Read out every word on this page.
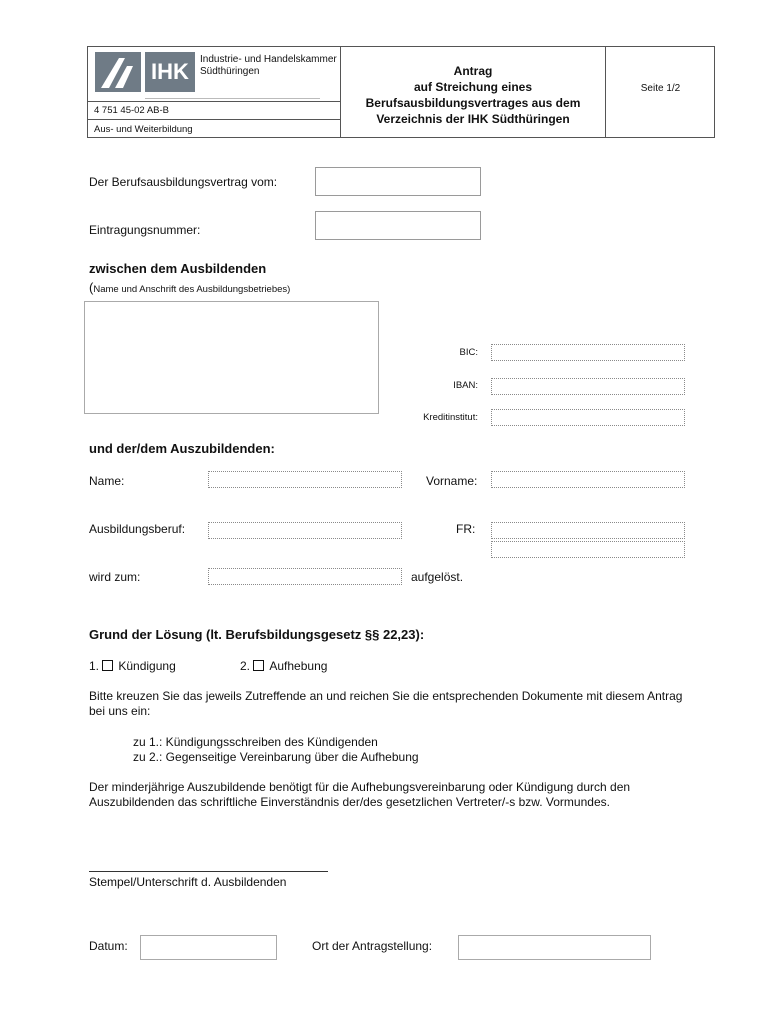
IHK	Industrie- und Handelskammer
Südthüringen
4 751 45-02 AB-B
Aus- und Weiterbildung
Antrag
auf Streichung eines
Berufsausbildungsvertrages aus dem
Verzeichnis der IHK Südthüringen
Seite 1/2
Der Berufsausbildungsvertrag vom:
Eintragungsnummer:
zwischen dem Ausbildenden
(Name und Anschrift des Ausbildungsbetriebes)
BIC:
IBAN:
Kreditinstitut:
und der/dem Auszubildenden:
Name:	Vorname:
Ausbildungsberuf:	FR:
wird zum:	aufgelöst.
Grund der Lösung (lt. Berufsbildungsgesetz §§ 22,23):
1. Kündigung	2. Aufhebung
Bitte kreuzen Sie das jeweils Zutreffende an und reichen Sie die entsprechenden Dokumente mit diesem Antrag bei uns ein:
zu 1.: Kündigungsschreiben des Kündigenden
zu 2.: Gegenseitige Vereinbarung über die Aufhebung
Der minderjährige Auszubildende benötigt für die Aufhebungsvereinbarung oder Kündigung durch den Auszubildenden das schriftliche Einverständnis der/des gesetzlichen Vertreter/-s bzw. Vormundes.
Stempel/Unterschrift d. Ausbildenden
Datum:	Ort der Antragstellung:
